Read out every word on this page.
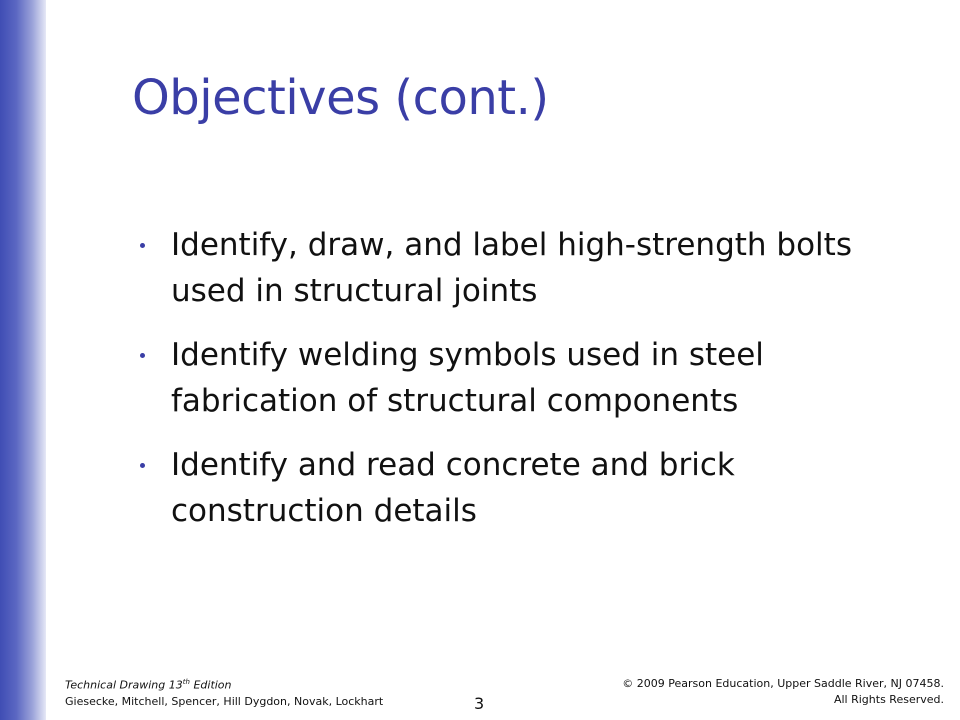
Objectives (cont.)
Identify, draw, and label high-strength bolts used in structural joints
Identify welding symbols used in steel fabrication of structural components
Identify and read concrete and brick construction details
Technical Drawing 13th Edition
Giesecke, Mitchell, Spencer, Hill Dygdon, Novak, Lockhart	3
© 2009 Pearson Education, Upper Saddle River, NJ 07458.
All Rights Reserved.
